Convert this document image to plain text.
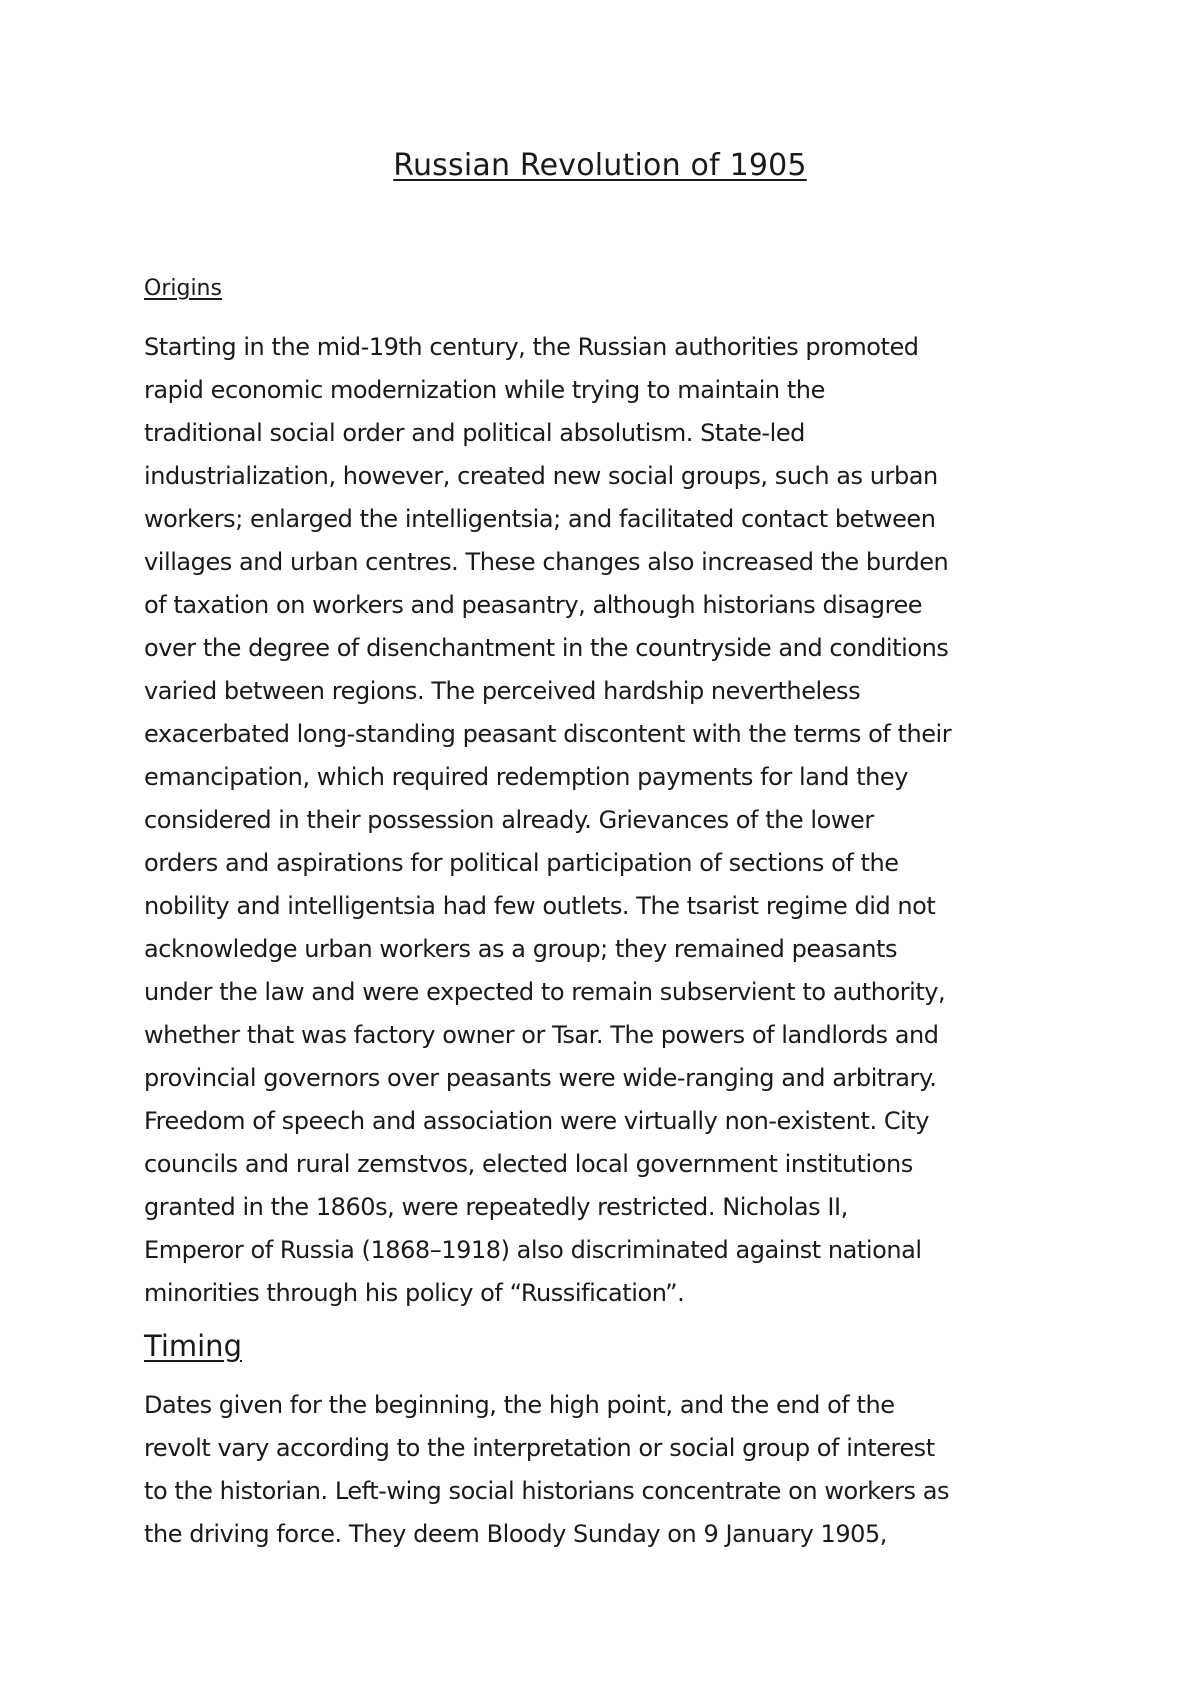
Russian Revolution of 1905
Origins

Starting in the mid-19th century, the Russian authorities promoted
rapid economic modernization while trying to maintain the
traditional social order and political absolutism. State-led
industrialization, however, created new social groups, such as urban
workers; enlarged the intelligentsia; and facilitated contact between
villages and urban centres. These changes also increased the burden
of taxation on workers and peasantry, although historians disagree
over the degree of disenchantment in the countryside and conditions
varied between regions. The perceived hardship nevertheless
exacerbated long-standing peasant discontent with the terms of their
emancipation, which required redemption payments for land they
considered in their possession already. Grievances of the lower
orders and aspirations for political participation of sections of the
nobility and intelligentsia had few outlets. The tsarist regime did not
acknowledge urban workers as a group; they remained peasants
under the law and were expected to remain subservient to authority,
whether that was factory owner or Tsar. The powers of landlords and
provincial governors over peasants were wide-ranging and arbitrary.
Freedom of speech and association were virtually non-existent. City
councils and rural zemstvos, elected local government institutions
granted in the 1860s, were repeatedly restricted. Nicholas II,
Emperor of Russia (1868–1918) also discriminated against national
minorities through his policy of “Russification”.

Timing

Dates given for the beginning, the high point, and the end of the
revolt vary according to the interpretation or social group of interest
to the historian. Left-wing social historians concentrate on workers as
the driving force. They deem Bloody Sunday on 9 January 1905,
